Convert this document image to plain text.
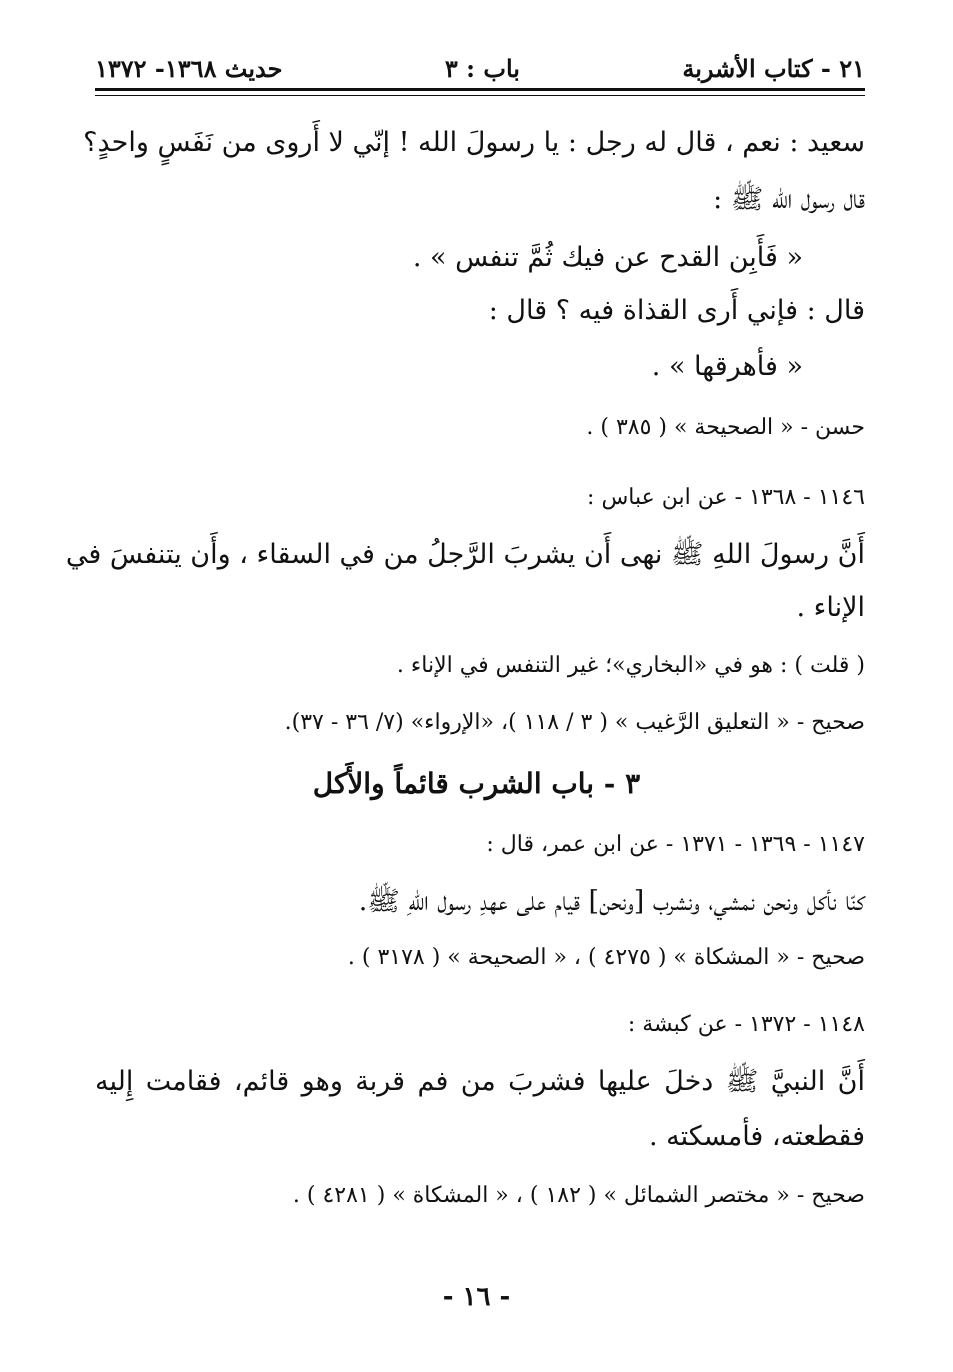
٢١ - كتاب الأشربة
باب : ٣
حديث ١٣٦٨- ١٣٧٢
سعيد : نعم ، قال له رجل : يا رسولَ الله ! إنّي لا أَروى من نَفَسٍ واحدٍ؟
قال رسول الله ﷺ :
« فَأَبِن القدح عن فيك ثُمَّ تنفس » .
قال : فإني أَرى القذاة فيه ؟ قال :
« فأهرقها » .
حسن - « الصحيحة » ( ٣٨٥ ) .
١١٤٦ - ١٣٦٨ - عن ابن عباس :
أَنَّ رسولَ اللهِ ﷺ نهى أَن يشربَ الرَّجلُ من في السقاء ، وأَن يتنفسَ في
الإناء .
( قلت ) : هو في «البخاري»؛ غير التنفس في الإناء .
صحيح - « التعليق الرَّغيب » ( ٣ / ١١٨ )، «الإرواء» (٧/ ٣٦ - ٣٧).
٣ - باب الشرب قائماً والأَكل
١١٤٧ - ١٣٦٩ - ١٣٧١ - عن ابن عمر، قال :
كنّا نأكل ونحن نمشي، ونشرب [ونحن] قيام على عهدِ رسول اللهِ ﷺ.
صحيح - « المشكاة » ( ٤٢٧٥ ) ، « الصحيحة » ( ٣١٧٨ ) .
١١٤٨ - ١٣٧٢ - عن كبشة :
أَنَّ النبيَّ ﷺ دخلَ عليها فشربَ من فم قربة وهو قائم، فقامت إِليه
فقطعته، فأمسكته .
صحيح - « مختصر الشمائل » ( ١٨٢ ) ، « المشكاة » ( ٤٢٨١ ) .
- ١٦ -
